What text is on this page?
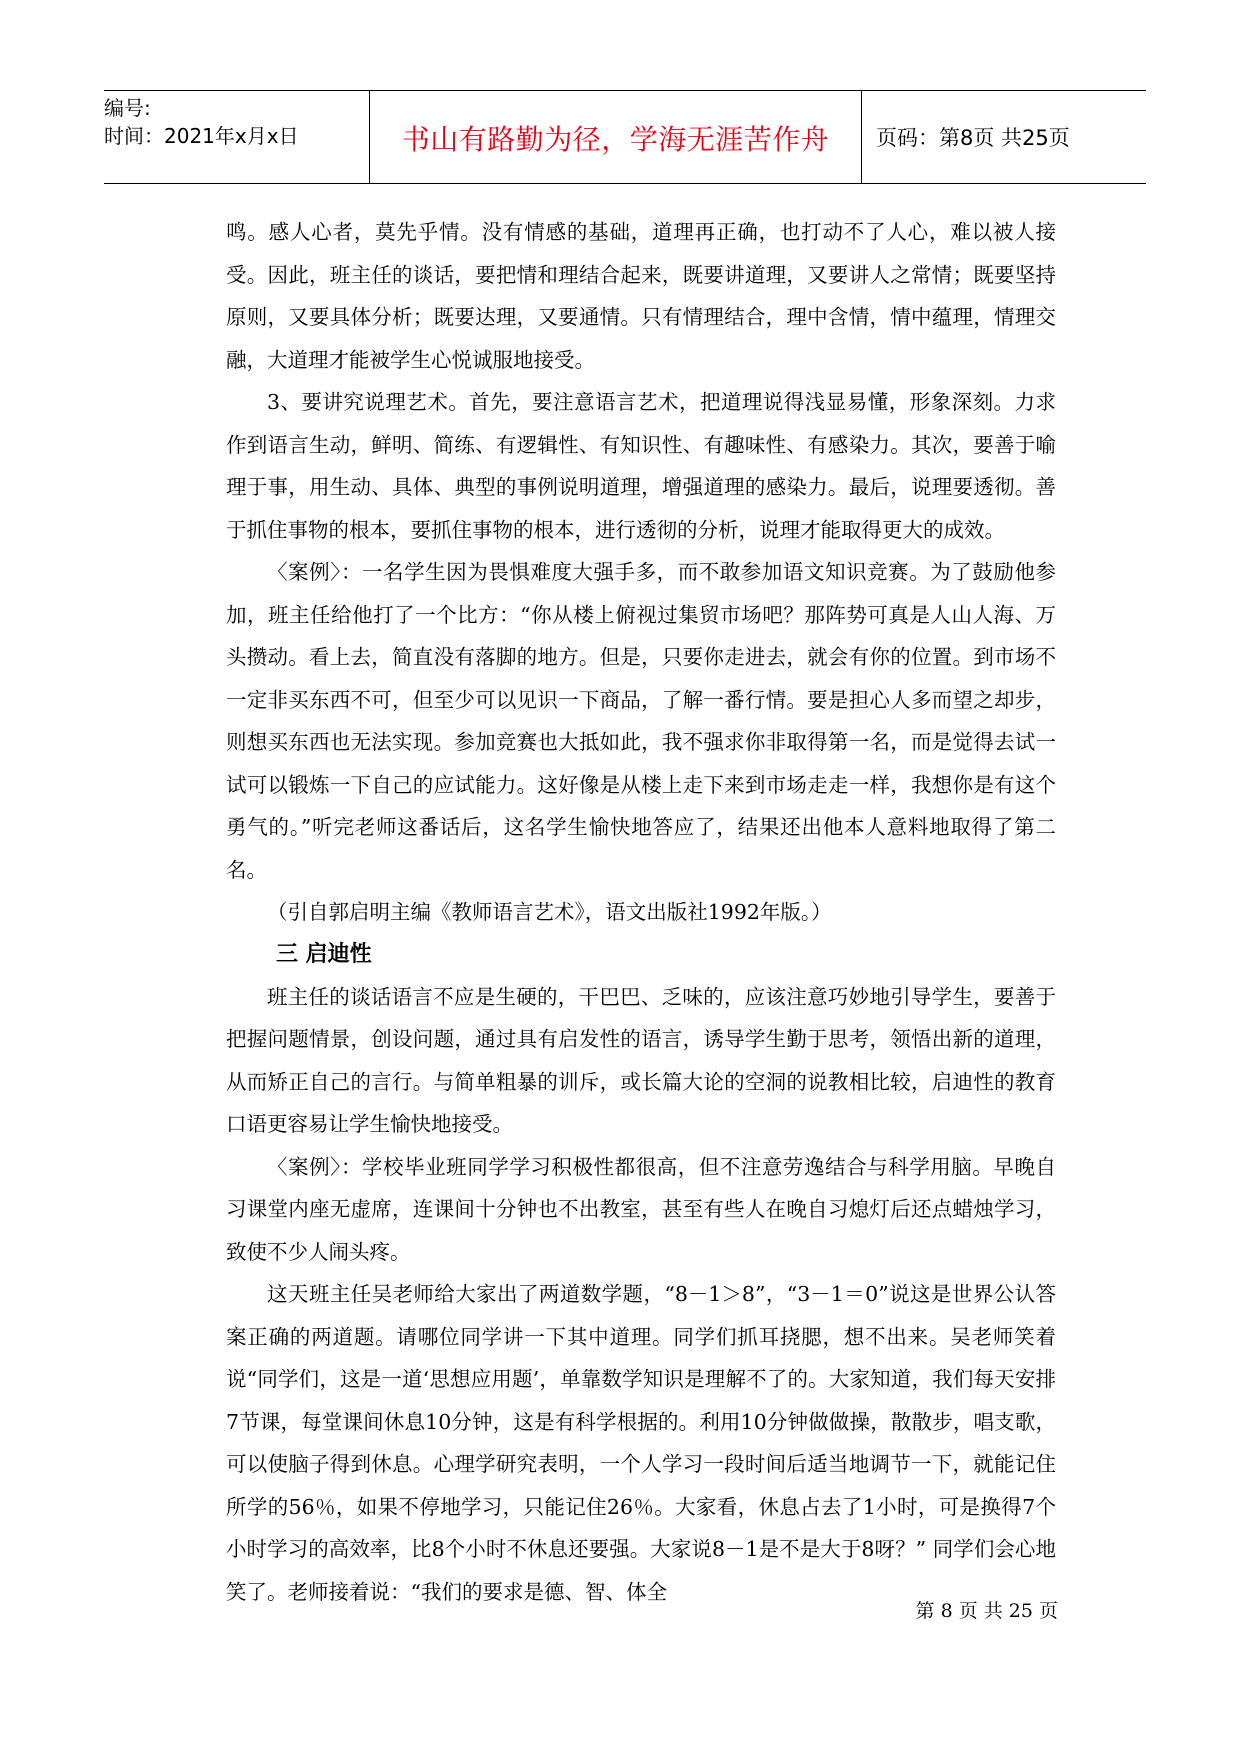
编号:
时间：2021年x月x日	书山有路勤为径，学海无涯苦作舟 页码：第8页 共25页

鸣。感人心者，莫先乎情。没有情感的基础，道理再正确，也打动不了人心，难以被人接受。因此，班主任的谈话，要把情和理结合起来，既要讲道理，又要讲人之常情；既要坚持原则，又要具体分析；既要达理，又要通情。只有情理结合，理中含情，情中蕴理，情理交融，大道理才能被学生心悦诚服地接受。

3、要讲究说理艺术。首先，要注意语言艺术，把道理说得浅显易懂，形象深刻。力求作到语言生动，鲜明、简练、有逻辑性、有知识性、有趣味性、有感染力。其次，要善于喻理于事，用生动、具体、典型的事例说明道理，增强道理的感染力。最后，说理要透彻。善于抓住事物的根本，要抓住事物的根本，进行透彻的分析，说理才能取得更大的成效。

〈案例〉：一名学生因为畏惧难度大强手多，而不敢参加语文知识竞赛。为了鼓励他参加，班主任给他打了一个比方：“你从楼上俯视过集贸市场吧？那阵势可真是人山人海、万头攒动。看上去，简直没有落脚的地方。但是，只要你走进去，就会有你的位置。到市场不一定非买东西不可，但至少可以见识一下商品，了解一番行情。要是担心人多而望之却步，则想买东西也无法实现。参加竞赛也大抵如此，我不强求你非取得第一名，而是觉得去试一试可以锻炼一下自己的应试能力。这好像是从楼上走下来到市场走走一样，我想你是有这个勇气的。”听完老师这番话后，这名学生愉快地答应了，结果还出他本人意料地取得了第二名。

（引自郭启明主编《教师语言艺术》，语文出版社1992年版。）

三 启迪性

班主任的谈话语言不应是生硬的，干巴巴、乏味的，应该注意巧妙地引导学生，要善于把握问题情景，创设问题，通过具有启发性的语言，诱导学生勤于思考，领悟出新的道理，从而矫正自己的言行。与简单粗暴的训斥，或长篇大论的空洞的说教相比较，启迪性的教育口语更容易让学生愉快地接受。

〈案例〉：学校毕业班同学学习积极性都很高，但不注意劳逸结合与科学用脑。早晚自习课堂内座无虚席，连课间十分钟也不出教室，甚至有些人在晚自习熄灯后还点蜡烛学习，致使不少人闹头疼。

这天班主任吴老师给大家出了两道数学题，“8－1＞8”，“3－1＝0”说这是世界公认答案正确的两道题。请哪位同学讲一下其中道理。同学们抓耳挠腮，想不出来。吴老师笑着说“同学们，这是一道‘思想应用题’，单靠数学知识是理解不了的。大家知道，我们每天安排7节课，每堂课间休息10分钟，这是有科学根据的。利用10分钟做做操，散散步，唱支歌，可以使脑子得到休息。心理学研究表明，一个人学习一段时间后适当地调节一下，就能记住所学的56％，如果不停地学习，只能记住26％。大家看，休息占去了1小时，可是换得7个小时学习的高效率，比8个小时不休息还要强。大家说8－1是不是大于8呀？” 同学们会心地笑了。老师接着说：“我们的要求是德、智、体全

第 8 页 共 25 页
